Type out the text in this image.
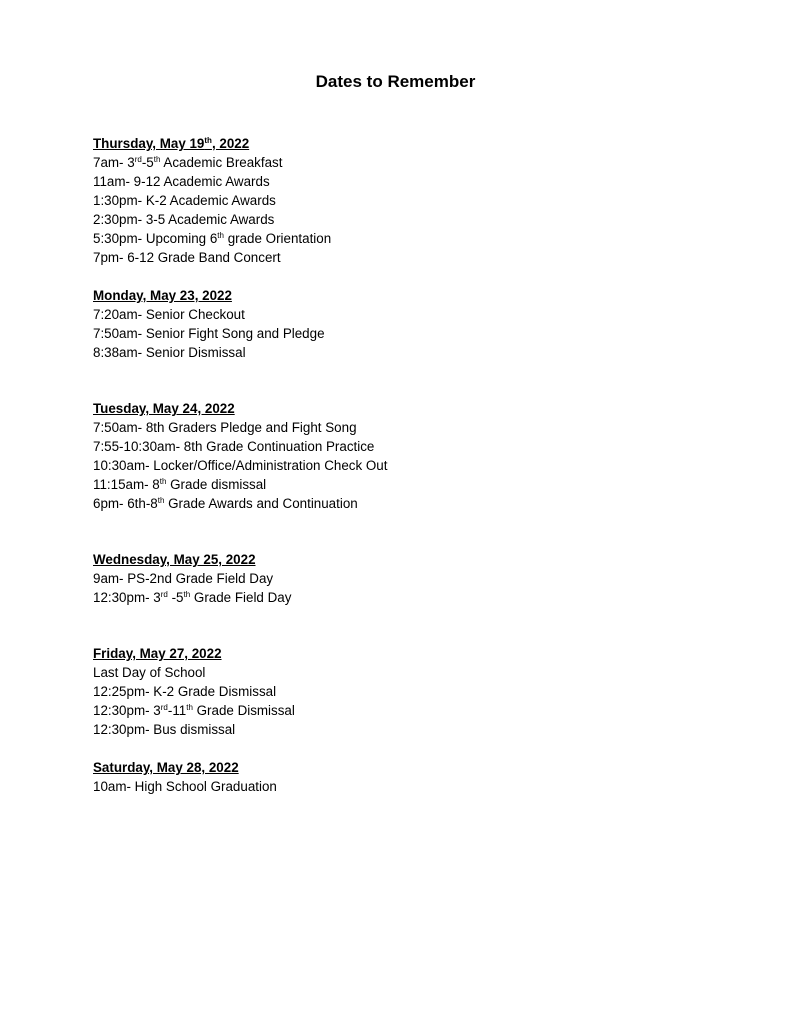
Dates to Remember
Thursday, May 19th, 2022
7am- 3rd-5th Academic Breakfast
11am- 9-12 Academic Awards
1:30pm- K-2 Academic Awards
2:30pm- 3-5 Academic Awards
5:30pm- Upcoming 6th grade Orientation
7pm- 6-12 Grade Band Concert
Monday, May 23, 2022
7:20am- Senior Checkout
7:50am- Senior Fight Song and Pledge
8:38am- Senior Dismissal
Tuesday, May 24, 2022
7:50am- 8th Graders Pledge and Fight Song
7:55-10:30am- 8th Grade Continuation Practice
10:30am- Locker/Office/Administration Check Out
11:15am- 8th Grade dismissal
6pm- 6th-8th Grade Awards and Continuation
Wednesday, May 25, 2022
9am- PS-2nd Grade Field Day
12:30pm- 3rd -5th Grade Field Day
Friday, May 27, 2022
Last Day of School
12:25pm- K-2 Grade Dismissal
12:30pm- 3rd-11th Grade Dismissal
12:30pm- Bus dismissal
Saturday, May 28, 2022
10am- High School Graduation
